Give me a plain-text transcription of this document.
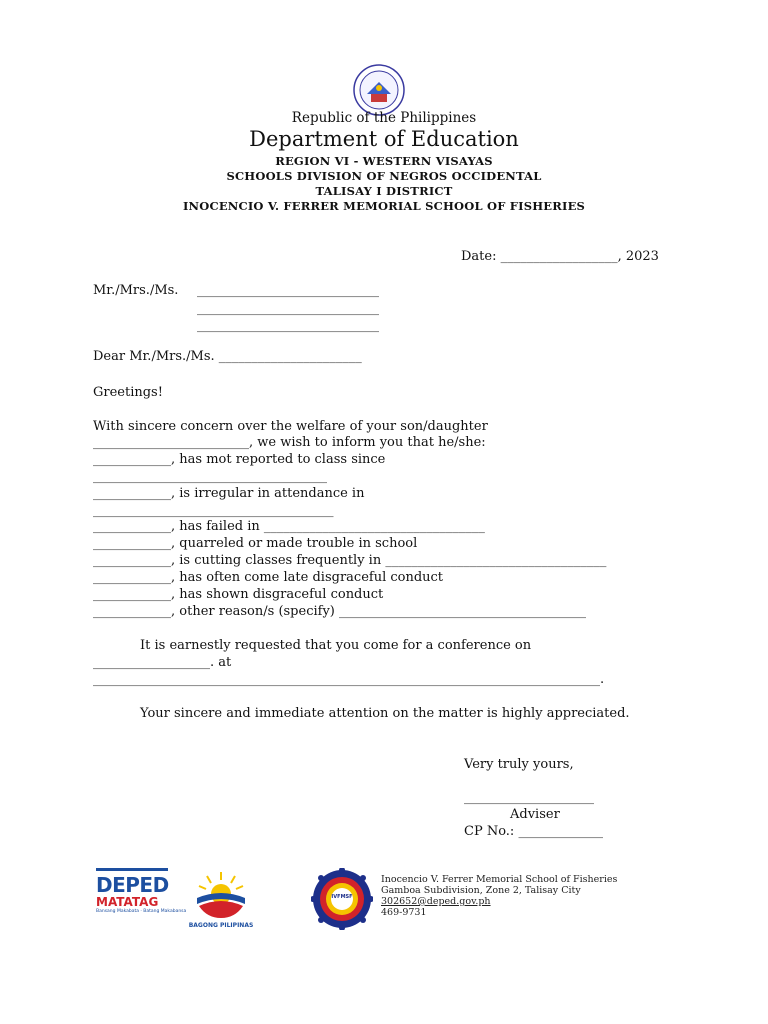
Republic of the Philippines
Department of Education
REGION VI - WESTERN VISAYAS
SCHOOLS DIVISION OF NEGROS OCCIDENTAL
TALISAY I DISTRICT
INOCENCIO V. FERRER MEMORIAL SCHOOL OF FISHERIES
Date: __________________, 2023
Mr./Mrs./Ms. ____________________________
____________________________
____________________________
Dear Mr./Mrs./Ms. ______________________
Greetings!
With sincere concern over the welfare of your son/daughter
________________________, we wish to inform you that he/she:
____________, has mot reported to class since
____________________________________
____________, is irregular in attendance in
_____________________________________
____________, has failed in __________________________________
____________, quarreled or made trouble in school
____________, is cutting classes frequently in __________________________________
____________, has often come late disgraceful conduct
____________, has shown disgraceful conduct
____________, other reason/s (specify) ______________________________________
It is earnestly requested that you come for a conference on
__________________. at
______________________________________________________________________________.
Your sincere and immediate attention on the matter is highly appreciated.
Very truly yours,
____________________
Adviser
CP No.: _____________
DEPED
MATATAG
Bansang Makabata · Batang Makabansa
BAGONG PILIPINAS
IVFMSF
Inocencio V. Ferrer Memorial School of Fisheries
Gamboa Subdivision, Zone 2, Talisay City
302652@deped.gov.ph
469-9731
